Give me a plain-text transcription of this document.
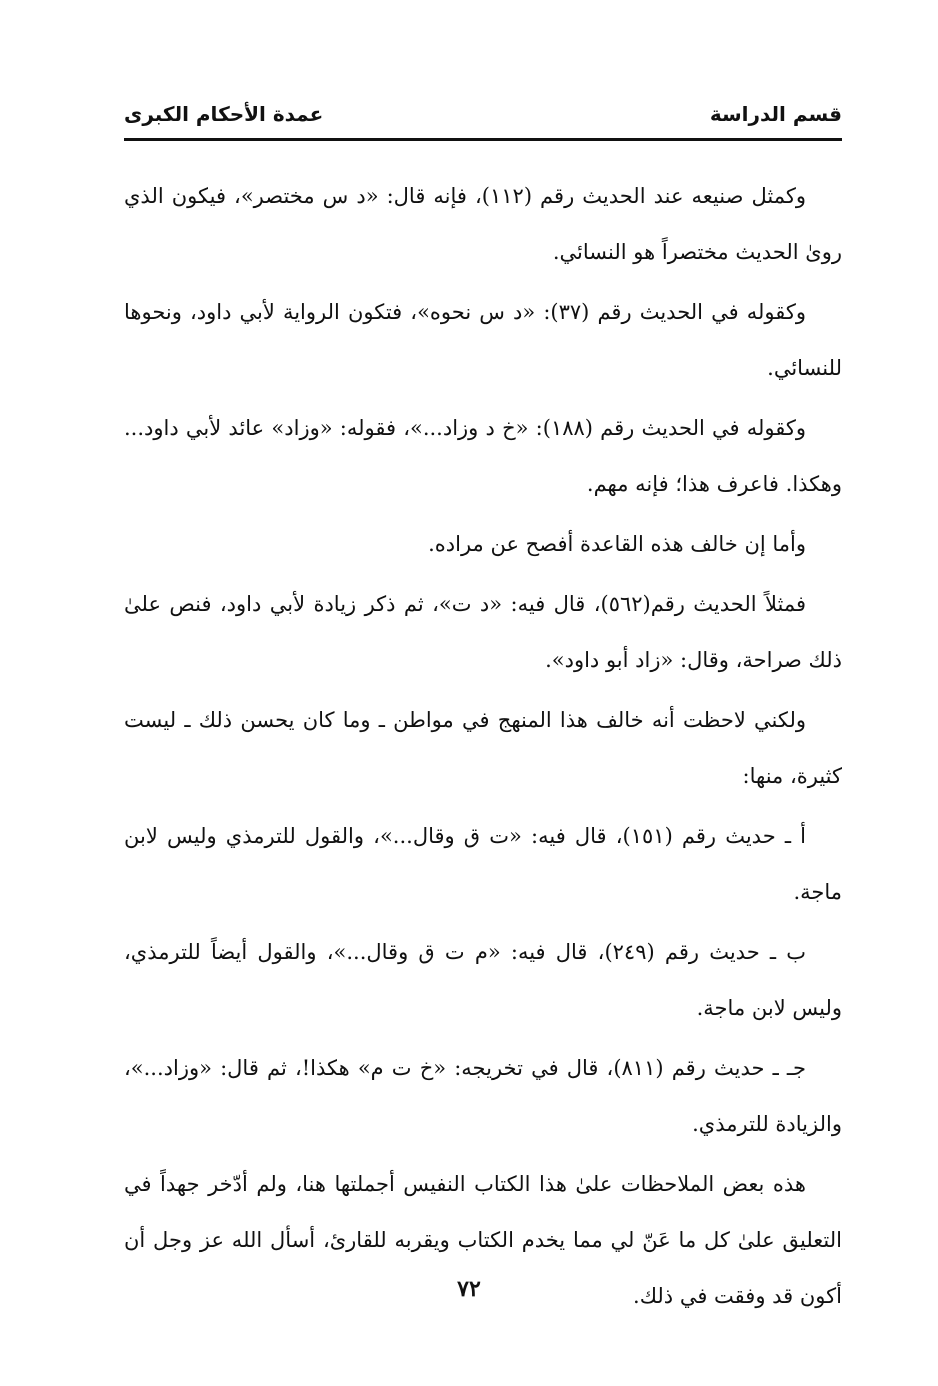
قسم الدراسة
عمدة الأحكام الكبرى

وكمثل صنيعه عند الحديث رقم (١١٢)، فإنه قال: «د س مختصر»، فيكون الذي روىٰ الحديث مختصراً هو النسائي.

وكقوله في الحديث رقم (٣٧): «د س نحوه»، فتكون الرواية لأبي داود، ونحوها للنسائي.

وكقوله في الحديث رقم (١٨٨): «خ د وزاد...»، فقوله: «وزاد» عائد لأبي داود... وهكذا. فاعرف هذا؛ فإنه مهم.

وأما إن خالف هذه القاعدة أفصح عن مراده.

فمثلاً الحديث رقم(٥٦٢)، قال فيه: «د ت»، ثم ذكر زيادة لأبي داود، فنص علىٰ ذلك صراحة، وقال: «زاد أبو داود».

ولكني لاحظت أنه خالف هذا المنهج في مواطن ـ وما كان يحسن ذلك ـ ليست كثيرة، منها:

أ ـ حديث رقم (١٥١)، قال فيه: «ت ق وقال...»، والقول للترمذي وليس لابن ماجة.

ب ـ حديث رقم (٢٤٩)، قال فيه: «م ت ق وقال...»، والقول أيضاً للترمذي، وليس لابن ماجة.

جـ ـ حديث رقم (٨١١)، قال في تخريجه: «خ ت م» هكذا!، ثم قال: «وزاد...»، والزيادة للترمذي.

هذه بعض الملاحظات علىٰ هذا الكتاب النفيس أجملتها هنا، ولم أدّخر جهداً في التعليق علىٰ كل ما عَنّ لي مما يخدم الكتاب ويقربه للقارئ، أسأل الله عز وجل أن أكون قد وفقت في ذلك.

٧٢
